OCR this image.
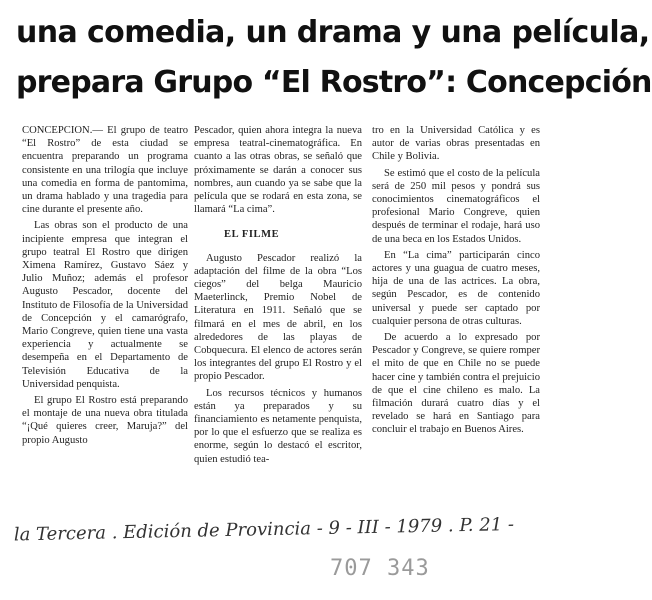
una comedia, un drama y una película,
prepara Grupo “El Rostro”: Concepción

CONCEPCION.— El grupo de teatro “El Rostro” de esta ciudad se encuentra preparando un programa consistente en una trilogía que incluye una comedia en forma de pantomima, un drama hablado y una tragedia para cine durante el presente año.

Las obras son el producto de una incipiente empresa que integran el grupo teatral El Rostro que dirigen Ximena Ramírez, Gustavo Sáez y Julio Muñoz; además el profesor Augusto Pescador, docente del Instituto de Filosofía de la Universidad de Concepción y el camarógrafo, Mario Congreve, quien tiene una vasta experiencia y actualmente se desempeña en el Departamento de Televisión Educativa de la Universidad penquista.

El grupo El Rostro está preparando el montaje de una nueva obra titulada “¡Qué quieres creer, Maruja?” del propio Augusto

Pescador, quien ahora integra la nueva empresa teatral-cinematográfica. En cuanto a las otras obras, se señaló que próximamente se darán a conocer sus nombres, aun cuando ya se sabe que la película que se rodará en esta zona, se llamará “La cima”.

EL FILME

Augusto Pescador realizó la adaptación del filme de la obra “Los ciegos” del belga Mauricio Maeterlinck, Premio Nobel de Literatura en 1911. Señaló que se filmará en el mes de abril, en los alrededores de las playas de Cobquecura. El elenco de actores serán los integrantes del grupo El Rostro y el propio Pescador.

Los recursos técnicos y humanos están ya preparados y su financiamiento es netamente penquista, por lo que el esfuerzo que se realiza es enorme, según lo destacó el escritor, quien estudió tea-

tro en la Universidad Católica y es autor de varias obras presentadas en Chile y Bolivia.

Se estimó que el costo de la película será de 250 mil pesos y pondrá sus conocimientos cinematográficos el profesional Mario Congreve, quien después de terminar el rodaje, hará uso de una beca en los Estados Unidos.

En “La cima” participarán cinco actores y una guagua de cuatro meses, hija de una de las actrices. La obra, según Pescador, es de contenido universal y puede ser captado por cualquier persona de otras culturas.

De acuerdo a lo expresado por Pescador y Congreve, se quiere romper el mito de que en Chile no se puede hacer cine y también contra el prejuicio de que el cine chileno es malo. La filmación durará cuatro días y el revelado se hará en Santiago para concluir el trabajo en Buenos Aires.

la Tercera . Edición de Provincia - 9 - III - 1979 . P. 21 -
707 343
